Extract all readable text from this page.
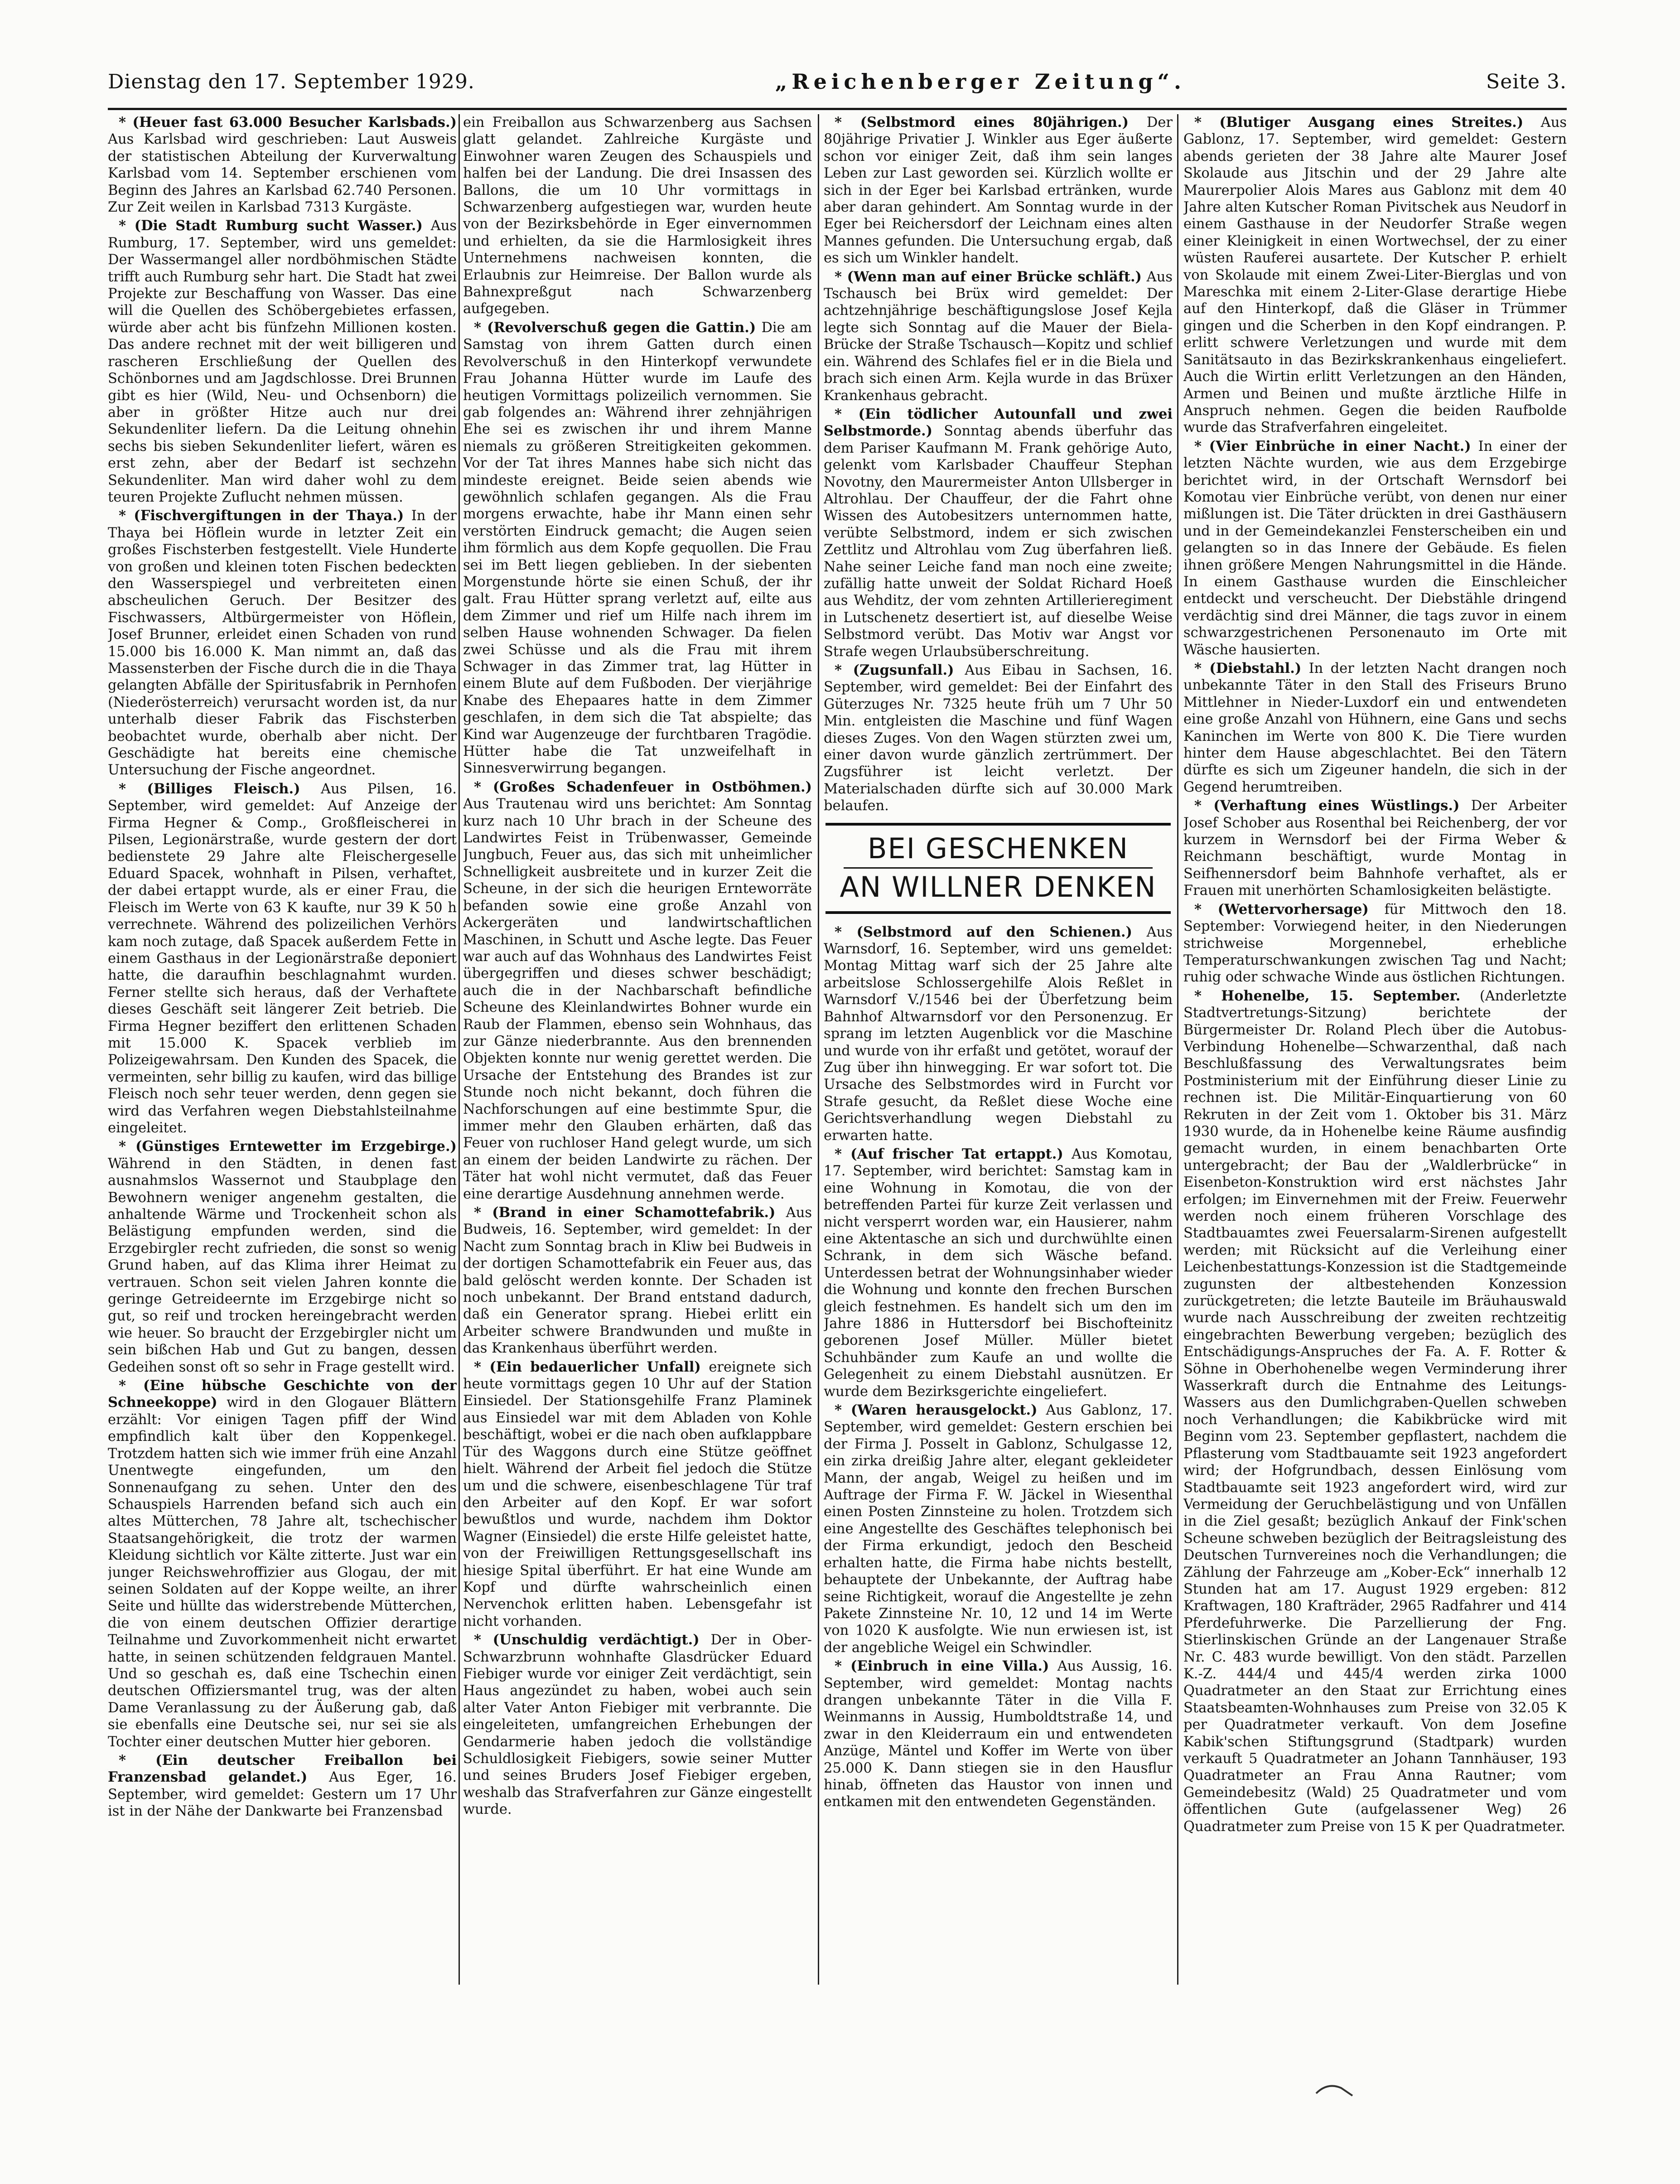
Dienstag den 17. September 1929.	„Reichenberger Zeitung“.	Seite 3.

* (Heuer fast 63.000 Besucher Karlsbads.) Aus Karlsbad wird geschrieben: Laut Ausweis der statistischen Abteilung der Kurverwaltung Karlsbad vom 14. September erschienen vom Beginn des Jahres an Karlsbad 62.740 Personen. Zur Zeit weilen in Karlsbad 7313 Kurgäste.

* (Die Stadt Rumburg sucht Wasser.) Aus Rumburg, 17. September, wird uns gemeldet: Der Wassermangel aller nordböhmischen Städte trifft auch Rumburg sehr hart. Die Stadt hat zwei Projekte zur Beschaffung von Wasser. Das eine will die Quellen des Schöbergebietes erfassen, würde aber acht bis fünfzehn Millionen kosten. Das andere rechnet mit der weit billigeren und rascheren Erschließung der Quellen des Schönbornes und am Jagdschlosse. Drei Brunnen gibt es hier (Wild, Neu- und Ochsenborn) die aber in größter Hitze auch nur drei Sekundenliter liefern. Da die Leitung ohnehin sechs bis sieben Sekundenliter liefert, wären es erst zehn, aber der Bedarf ist sechzehn Sekundenliter. Man wird daher wohl zu dem teuren Projekte Zuflucht nehmen müssen.

* (Fischvergiftungen in der Thaya.) In der Thaya bei Höflein wurde in letzter Zeit ein großes Fischsterben festgestellt. Viele Hunderte von großen und kleinen toten Fischen bedeckten den Wasserspiegel und verbreiteten einen abscheulichen Geruch. Der Besitzer des Fischwassers, Altbürgermeister von Höflein, Josef Brunner, erleidet einen Schaden von rund 15.000 bis 16.000 K. Man nimmt an, daß das Massensterben der Fische durch die in die Thaya gelangten Abfälle der Spiritusfabrik in Pernhofen (Niederösterreich) verursacht worden ist, da nur unterhalb dieser Fabrik das Fischsterben beobachtet wurde, oberhalb aber nicht. Der Geschädigte hat bereits eine chemische Untersuchung der Fische angeordnet.

* (Billiges Fleisch.) Aus Pilsen, 16. September, wird gemeldet: Auf Anzeige der Firma Hegner & Comp., Großfleischerei in Pilsen, Legionärstraße, wurde gestern der dort bedienstete 29 Jahre alte Fleischergeselle Eduard Spacek, wohnhaft in Pilsen, verhaftet, der dabei ertappt wurde, als er einer Frau, die Fleisch im Werte von 63 K kaufte, nur 39 K 50 h verrechnete. Während des polizeilichen Verhörs kam noch zutage, daß Spacek außerdem Fette in einem Gasthaus in der Legionärstraße deponiert hatte, die daraufhin beschlagnahmt wurden. Ferner stellte sich heraus, daß der Verhaftete dieses Geschäft seit längerer Zeit betrieb. Die Firma Hegner beziffert den erlittenen Schaden mit 15.000 K. Spacek verblieb im Polizeigewahrsam. Den Kunden des Spacek, die vermeinten, sehr billig zu kaufen, wird das billige Fleisch noch sehr teuer werden, denn gegen sie wird das Verfahren wegen Diebstahlsteilnahme eingeleitet.

* (Günstiges Erntewetter im Erzgebirge.) Während in den Städten, in denen fast ausnahmslos Wassernot und Staubplage den Bewohnern weniger angenehm gestalten, die anhaltende Wärme und Trockenheit schon als Belästigung empfunden werden, sind die Erzgebirgler recht zufrieden, die sonst so wenig Grund haben, auf das Klima ihrer Heimat zu vertrauen. Schon seit vielen Jahren konnte die geringe Getreideernte im Erzgebirge nicht so gut, so reif und trocken hereingebracht werden wie heuer. So braucht der Erzgebirgler nicht um sein bißchen Hab und Gut zu bangen, dessen Gedeihen sonst oft so sehr in Frage gestellt wird.

* (Eine hübsche Geschichte von der Schneekoppe) wird in den Glogauer Blättern erzählt: Vor einigen Tagen pfiff der Wind empfindlich kalt über den Koppenkegel. Trotzdem hatten sich wie immer früh eine Anzahl Unentwegte eingefunden, um den Sonnenaufgang zu sehen. Unter den des Schauspiels Harrenden befand sich auch ein altes Mütterchen, 78 Jahre alt, tschechischer Staatsangehörigkeit, die trotz der warmen Kleidung sichtlich vor Kälte zitterte. Just war ein junger Reichswehroffizier aus Glogau, der mit seinen Soldaten auf der Koppe weilte, an ihrer Seite und hüllte das widerstrebende Mütterchen, die von einem deutschen Offizier derartige Teilnahme und Zuvorkommenheit nicht erwartet hatte, in seinen schützenden feldgrauen Mantel. Und so geschah es, daß eine Tschechin einen deutschen Offiziersmantel trug, was der alten Dame Veranlassung zu der Äußerung gab, daß sie ebenfalls eine Deutsche sei, nur sei sie als Tochter einer deutschen Mutter hier geboren.

* (Ein deutscher Freiballon bei Franzensbad gelandet.) Aus Eger, 16. September, wird gemeldet: Gestern um 17 Uhr ist in der Nähe der Dankwarte bei Franzensbad

ein Freiballon aus Schwarzenberg aus Sachsen glatt gelandet. Zahlreiche Kurgäste und Einwohner waren Zeugen des Schauspiels und halfen bei der Landung. Die drei Insassen des Ballons, die um 10 Uhr vormittags in Schwarzenberg aufgestiegen war, wurden heute von der Bezirksbehörde in Eger einvernommen und erhielten, da sie die Harmlosigkeit ihres Unternehmens nachweisen konnten, die Erlaubnis zur Heimreise. Der Ballon wurde als Bahnexpreßgut nach Schwarzenberg aufgegeben.

* (Revolverschuß gegen die Gattin.) Die am Samstag von ihrem Gatten durch einen Revolverschuß in den Hinterkopf verwundete Frau Johanna Hütter wurde im Laufe des heutigen Vormittags polizeilich vernommen. Sie gab folgendes an: Während ihrer zehnjährigen Ehe sei es zwischen ihr und ihrem Manne niemals zu größeren Streitigkeiten gekommen. Vor der Tat ihres Mannes habe sich nicht das mindeste ereignet. Beide seien abends wie gewöhnlich schlafen gegangen. Als die Frau morgens erwachte, habe ihr Mann einen sehr verstörten Eindruck gemacht; die Augen seien ihm förmlich aus dem Kopfe gequollen. Die Frau sei im Bett liegen geblieben. In der siebenten Morgenstunde hörte sie einen Schuß, der ihr galt. Frau Hütter sprang verletzt auf, eilte aus dem Zimmer und rief um Hilfe nach ihrem im selben Hause wohnenden Schwager. Da fielen zwei Schüsse und als die Frau mit ihrem Schwager in das Zimmer trat, lag Hütter in einem Blute auf dem Fußboden. Der vierjährige Knabe des Ehepaares hatte in dem Zimmer geschlafen, in dem sich die Tat abspielte; das Kind war Augenzeuge der furchtbaren Tragödie. Hütter habe die Tat unzweifelhaft in Sinnesverwirrung begangen.

* (Großes Schadenfeuer in Ostböhmen.) Aus Trautenau wird uns berichtet: Am Sonntag kurz nach 10 Uhr brach in der Scheune des Landwirtes Feist in Trübenwasser, Gemeinde Jungbuch, Feuer aus, das sich mit unheimlicher Schnelligkeit ausbreitete und in kurzer Zeit die Scheune, in der sich die heurigen Ernteworräte befanden sowie eine große Anzahl von Ackergeräten und landwirtschaftlichen Maschinen, in Schutt und Asche legte. Das Feuer war auch auf das Wohnhaus des Landwirtes Feist übergegriffen und dieses schwer beschädigt; auch die in der Nachbarschaft befindliche Scheune des Kleinlandwirtes Bohner wurde ein Raub der Flammen, ebenso sein Wohnhaus, das zur Gänze niederbrannte. Aus den brennenden Objekten konnte nur wenig gerettet werden. Die Ursache der Entstehung des Brandes ist zur Stunde noch nicht bekannt, doch führen die Nachforschungen auf eine bestimmte Spur, die immer mehr den Glauben erhärten, daß das Feuer von ruchloser Hand gelegt wurde, um sich an einem der beiden Landwirte zu rächen. Der Täter hat wohl nicht vermutet, daß das Feuer eine derartige Ausdehnung annehmen werde.

* (Brand in einer Schamottefabrik.) Aus Budweis, 16. September, wird gemeldet: In der Nacht zum Sonntag brach in Kliw bei Budweis in der dortigen Schamottefabrik ein Feuer aus, das bald gelöscht werden konnte. Der Schaden ist noch unbekannt. Der Brand entstand dadurch, daß ein Generator sprang. Hiebei erlitt ein Arbeiter schwere Brandwunden und mußte in das Krankenhaus überführt werden.

* (Ein bedauerlicher Unfall) ereignete sich heute vormittags gegen 10 Uhr auf der Station Einsiedel. Der Stationsgehilfe Franz Plaminek aus Einsiedel war mit dem Abladen von Kohle beschäftigt, wobei er die nach oben aufklappbare Tür des Waggons durch eine Stütze geöffnet hielt. Während der Arbeit fiel jedoch die Stütze um und die schwere, eisenbeschlagene Tür traf den Arbeiter auf den Kopf. Er war sofort bewußtlos und wurde, nachdem ihm Doktor Wagner (Einsiedel) die erste Hilfe geleistet hatte, von der Freiwilligen Rettungsgesellschaft ins hiesige Spital überführt. Er hat eine Wunde am Kopf und dürfte wahrscheinlich einen Nervenchok erlitten haben. Lebensgefahr ist nicht vorhanden.

* (Unschuldig verdächtigt.) Der in Ober-Schwarzbrunn wohnhafte Glasdrücker Eduard Fiebiger wurde vor einiger Zeit verdächtigt, sein Haus angezündet zu haben, wobei auch sein alter Vater Anton Fiebiger mit verbrannte. Die eingeleiteten, umfangreichen Erhebungen der Gendarmerie haben jedoch die vollständige Schuldlosigkeit Fiebigers, sowie seiner Mutter und seines Bruders Josef Fiebiger ergeben, weshalb das Strafverfahren zur Gänze eingestellt wurde.

* (Selbstmord eines 80jährigen.) Der 80jährige Privatier J. Winkler aus Eger äußerte schon vor einiger Zeit, daß ihm sein langes Leben zur Last geworden sei. Kürzlich wollte er sich in der Eger bei Karlsbad ertränken, wurde aber daran gehindert. Am Sonntag wurde in der Eger bei Reichersdorf der Leichnam eines alten Mannes gefunden. Die Untersuchung ergab, daß es sich um Winkler handelt.

* (Wenn man auf einer Brücke schläft.) Aus Tschausch bei Brüx wird gemeldet: Der achtzehnjährige beschäftigungslose Josef Kejla legte sich Sonntag auf die Mauer der Biela-Brücke der Straße Tschausch—Kopitz und schlief ein. Während des Schlafes fiel er in die Biela und brach sich einen Arm. Kejla wurde in das Brüxer Krankenhaus gebracht.

* (Ein tödlicher Autounfall und zwei Selbstmorde.) Sonntag abends überfuhr das dem Pariser Kaufmann M. Frank gehörige Auto, gelenkt vom Karlsbader Chauffeur Stephan Novotny, den Maurermeister Anton Ullsberger in Altrohlau. Der Chauffeur, der die Fahrt ohne Wissen des Autobesitzers unternommen hatte, verübte Selbstmord, indem er sich zwischen Zettlitz und Altrohlau vom Zug überfahren ließ. Nahe seiner Leiche fand man noch eine zweite; zufällig hatte unweit der Soldat Richard Hoeß aus Wehditz, der vom zehnten Artillerieregiment in Lutschenetz desertiert ist, auf dieselbe Weise Selbstmord verübt. Das Motiv war Angst vor Strafe wegen Urlaubsüberschreitung.

* (Zugsunfall.) Aus Eibau in Sachsen, 16. September, wird gemeldet: Bei der Einfahrt des Güterzuges Nr. 7325 heute früh um 7 Uhr 50 Min. entgleisten die Maschine und fünf Wagen dieses Zuges. Von den Wagen stürzten zwei um, einer davon wurde gänzlich zertrümmert. Der Zugsführer ist leicht verletzt. Der Materialschaden dürfte sich auf 30.000 Mark belaufen.

BEI GESCHENKEN
AN WILLNER DENKEN

* (Selbstmord auf den Schienen.) Aus Warnsdorf, 16. September, wird uns gemeldet: Montag Mittag warf sich der 25 Jahre alte arbeitslose Schlossergehilfe Alois Reßlet in Warnsdorf V./1546 bei der Überfetzung beim Bahnhof Altwarnsdorf vor den Personenzug. Er sprang im letzten Augenblick vor die Maschine und wurde von ihr erfaßt und getötet, worauf der Zug über ihn hinwegging. Er war sofort tot. Die Ursache des Selbstmordes wird in Furcht vor Strafe gesucht, da Reßlet diese Woche eine Gerichtsverhandlung wegen Diebstahl zu erwarten hatte.

* (Auf frischer Tat ertappt.) Aus Komotau, 17. September, wird berichtet: Samstag kam in eine Wohnung in Komotau, die von der betreffenden Partei für kurze Zeit verlassen und nicht versperrt worden war, ein Hausierer, nahm eine Aktentasche an sich und durchwühlte einen Schrank, in dem sich Wäsche befand. Unterdessen betrat der Wohnungsinhaber wieder die Wohnung und konnte den frechen Burschen gleich festnehmen. Es handelt sich um den im Jahre 1886 in Huttersdorf bei Bischofteinitz geborenen Josef Müller. Müller bietet Schuhbänder zum Kaufe an und wollte die Gelegenheit zu einem Diebstahl ausnützen. Er wurde dem Bezirksgerichte eingeliefert.

* (Waren herausgelockt.) Aus Gablonz, 17. September, wird gemeldet: Gestern erschien bei der Firma J. Posselt in Gablonz, Schulgasse 12, ein zirka dreißig Jahre alter, elegant gekleideter Mann, der angab, Weigel zu heißen und im Auftrage der Firma F. W. Jäckel in Wiesenthal einen Posten Zinnsteine zu holen. Trotzdem sich eine Angestellte des Geschäftes telephonisch bei der Firma erkundigt, jedoch den Bescheid erhalten hatte, die Firma habe nichts bestellt, behauptete der Unbekannte, der Auftrag habe seine Richtigkeit, worauf die Angestellte je zehn Pakete Zinnsteine Nr. 10, 12 und 14 im Werte von 1020 K ausfolgte. Wie nun erwiesen ist, ist der angebliche Weigel ein Schwindler.

* (Einbruch in eine Villa.) Aus Aussig, 16. September, wird gemeldet: Montag nachts drangen unbekannte Täter in die Villa F. Weinmanns in Aussig, Humboldtstraße 14, und zwar in den Kleiderraum ein und entwendeten Anzüge, Mäntel und Koffer im Werte von über 25.000 K. Dann stiegen sie in den Hausflur hinab, öffneten das Haustor von innen und entkamen mit den entwendeten Gegenständen.

* (Blutiger Ausgang eines Streites.) Aus Gablonz, 17. September, wird gemeldet: Gestern abends gerieten der 38 Jahre alte Maurer Josef Skolaude aus Jitschin und der 29 Jahre alte Maurerpolier Alois Mares aus Gablonz mit dem 40 Jahre alten Kutscher Roman Pivitschek aus Neudorf in einem Gasthause in der Neudorfer Straße wegen einer Kleinigkeit in einen Wortwechsel, der zu einer wüsten Rauferei ausartete. Der Kutscher P. erhielt von Skolaude mit einem Zwei-Liter-Bierglas und von Mareschka mit einem 2-Liter-Glase derartige Hiebe auf den Hinterkopf, daß die Gläser in Trümmer gingen und die Scherben in den Kopf eindrangen. P. erlitt schwere Verletzungen und wurde mit dem Sanitätsauto in das Bezirkskrankenhaus eingeliefert. Auch die Wirtin erlitt Verletzungen an den Händen, Armen und Beinen und mußte ärztliche Hilfe in Anspruch nehmen. Gegen die beiden Raufbolde wurde das Strafverfahren eingeleitet.

* (Vier Einbrüche in einer Nacht.) In einer der letzten Nächte wurden, wie aus dem Erzgebirge berichtet wird, in der Ortschaft Wernsdorf bei Komotau vier Einbrüche verübt, von denen nur einer mißlungen ist. Die Täter drückten in drei Gasthäusern und in der Gemeindekanzlei Fensterscheiben ein und gelangten so in das Innere der Gebäude. Es fielen ihnen größere Mengen Nahrungsmittel in die Hände. In einem Gasthause wurden die Einschleicher entdeckt und verscheucht. Der Diebstähle dringend verdächtig sind drei Männer, die tags zuvor in einem schwarzgestrichenen Personenauto im Orte mit Wäsche hausierten.

* (Diebstahl.) In der letzten Nacht drangen noch unbekannte Täter in den Stall des Friseurs Bruno Mittlehner in Nieder-Luxdorf ein und entwendeten eine große Anzahl von Hühnern, eine Gans und sechs Kaninchen im Werte von 800 K. Die Tiere wurden hinter dem Hause abgeschlachtet. Bei den Tätern dürfte es sich um Zigeuner handeln, die sich in der Gegend herumtreiben.

* (Verhaftung eines Wüstlings.) Der Arbeiter Josef Schober aus Rosenthal bei Reichenberg, der vor kurzem in Wernsdorf bei der Firma Weber & Reichmann beschäftigt, wurde Montag in Seifhennersdorf beim Bahnhofe verhaftet, als er Frauen mit unerhörten Schamlosigkeiten belästigte.

* (Wettervorhersage) für Mittwoch den 18. September: Vorwiegend heiter, in den Niederungen strichweise Morgennebel, erhebliche Temperaturschwankungen zwischen Tag und Nacht; ruhig oder schwache Winde aus östlichen Richtungen.

* Hohenelbe, 15. September. (Anderletzte Stadtvertretungs-Sitzung) berichtete der Bürgermeister Dr. Roland Plech über die Autobus-Verbindung Hohenelbe—Schwarzenthal, daß nach Beschlußfassung des Verwaltungsrates beim Postministerium mit der Einführung dieser Linie zu rechnen ist. Die Militär-Einquartierung von 60 Rekruten in der Zeit vom 1. Oktober bis 31. März 1930 wurde, da in Hohenelbe keine Räume ausfindig gemacht wurden, in einem benachbarten Orte untergebracht; der Bau der „Waldlerbrücke“ in Eisenbeton-Konstruktion wird erst nächstes Jahr erfolgen; im Einvernehmen mit der Freiw. Feuerwehr werden noch einem früheren Vorschlage des Stadtbauamtes zwei Feuersalarm-Sirenen aufgestellt werden; mit Rücksicht auf die Verleihung einer Leichenbestattungs-Konzession ist die Stadtgemeinde zugunsten der altbestehenden Konzession zurückgetreten; die letzte Bauteile im Bräuhauswald wurde nach Ausschreibung der zweiten rechtzeitig eingebrachten Bewerbung vergeben; bezüglich des Entschädigungs-Anspruches der Fa. A. F. Rotter & Söhne in Oberhohenelbe wegen Verminderung ihrer Wasserkraft durch die Entnahme des Leitungs-Wassers aus den Dumlichgraben-Quellen schweben noch Verhandlungen; die Kabikbrücke wird mit Beginn vom 23. September gepflastert, nachdem die Pflasterung vom Stadtbauamte seit 1923 angefordert wird; der Hofgrundbach, dessen Einlösung vom Stadtbauamte seit 1923 angefordert wird, wird zur Vermeidung der Geruchbelästigung und von Unfällen in die Ziel gesaßt; bezüglich Ankauf der Fink'schen Scheune schweben bezüglich der Beitragsleistung des Deutschen Turnvereines noch die Verhandlungen; die Zählung der Fahrzeuge am „Kober-Eck“ innerhalb 12 Stunden hat am 17. August 1929 ergeben: 812 Kraftwagen, 180 Krafträder, 2965 Radfahrer und 414 Pferdefuhrwerke. Die Parzellierung der Fng. Stierlinskischen Gründe an der Langenauer Straße Nr. C. 483 wurde bewilligt. Von den städt. Parzellen K.-Z. 444/4 und 445/4 werden zirka 1000 Quadratmeter an den Staat zur Errichtung eines Staatsbeamten-Wohnhauses zum Preise von 32.05 K per Quadratmeter verkauft. Von dem Josefine Kabik'schen Stiftungsgrund (Stadtpark) wurden verkauft 5 Quadratmeter an Johann Tannhäuser, 193 Quadratmeter an Frau Anna Rautner; vom Gemeindebesitz (Wald) 25 Quadratmeter und vom öffentlichen Gute (aufgelassener Weg) 26 Quadratmeter zum Preise von 15 K per Quadratmeter.
